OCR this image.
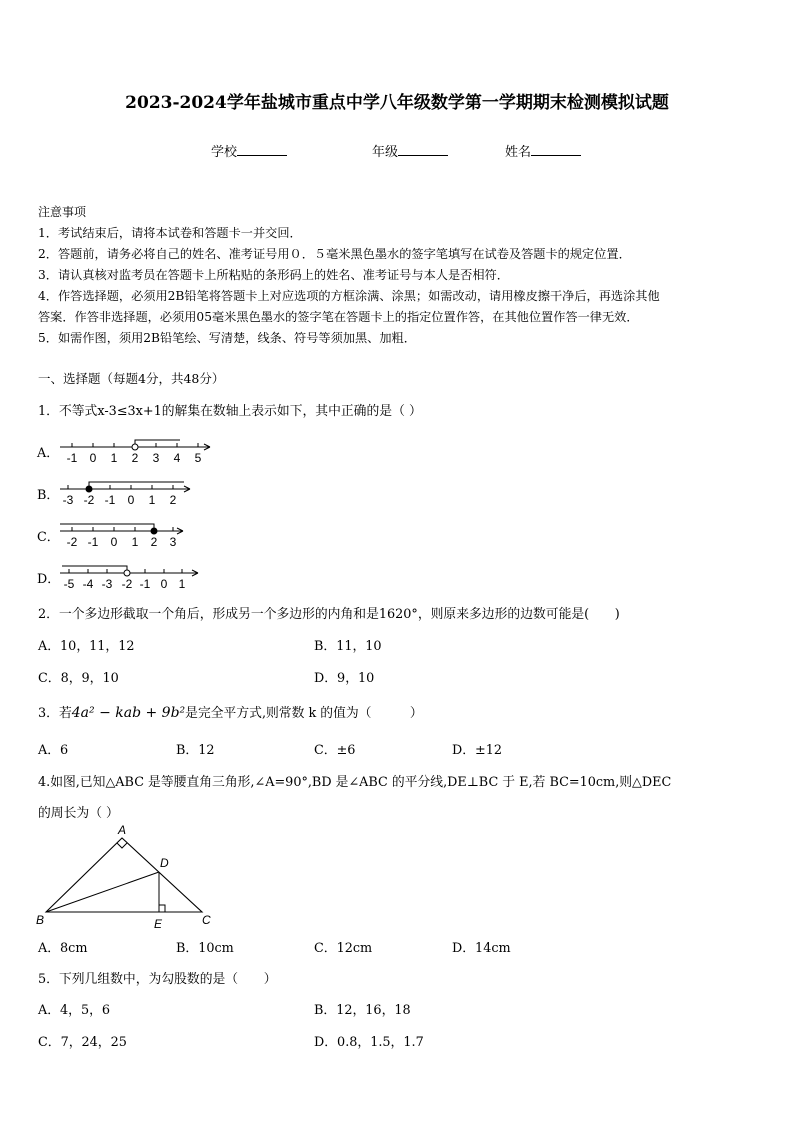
2023-2024学年盐城市重点中学八年级数学第一学期期末检测模拟试题
学校	年级	姓名
注意事项
1．考试结束后，请将本试卷和答题卡一并交回．
2．答题前，请务必将自己的姓名、准考证号用０．５毫米黑色墨水的签字笔填写在试卷及答题卡的规定位置．
3．请认真核对监考员在答题卡上所粘贴的条形码上的姓名、准考证号与本人是否相符．
4．作答选择题，必须用2B铅笔将答题卡上对应选项的方框涂满、涂黑；如需改动，请用橡皮擦干净后，再选涂其他
答案．作答非选择题，必须用05毫米黑色墨水的签字笔在答题卡上的指定位置作答，在其他位置作答一律无效．
5．如需作图，须用2B铅笔绘、写清楚，线条、符号等须加黑、加粗．
一、选择题（每题4分，共48分）
1．不等式x-3≤3x+1的解集在数轴上表示如下，其中正确的是（ ）
A． -1 0 1 2 3 4 5
B． -3 -2 -1 0 1 2
C． -2 -1 0 1 2 3
D． -5 -4 -3 -2 -1 0 1
2．一个多边形截取一个角后，形成另一个多边形的内角和是1620°，则原来多边形的边数可能是(　　)
A．10，11，12	B．11，10
C．8，9，10	D．9，10
3．若4a² − kab + 9b²是完全平方式,则常数 k 的值为（　　　）
A．6	B．12	C．±6	D．±12
4.如图,已知△ABC 是等腰直角三角形,∠A=90°,BD 是∠ABC 的平分线,DE⊥BC 于 E,若 BC=10cm,则△DEC
的周长为（ ）
A
B	C
D
E
A．8cm	B．10cm	C．12cm	D．14cm
5．下列几组数中，为勾股数的是（　　）
A．4，5，6	B．12，16，18
C．7，24，25	D．0.8，1.5，1.7
